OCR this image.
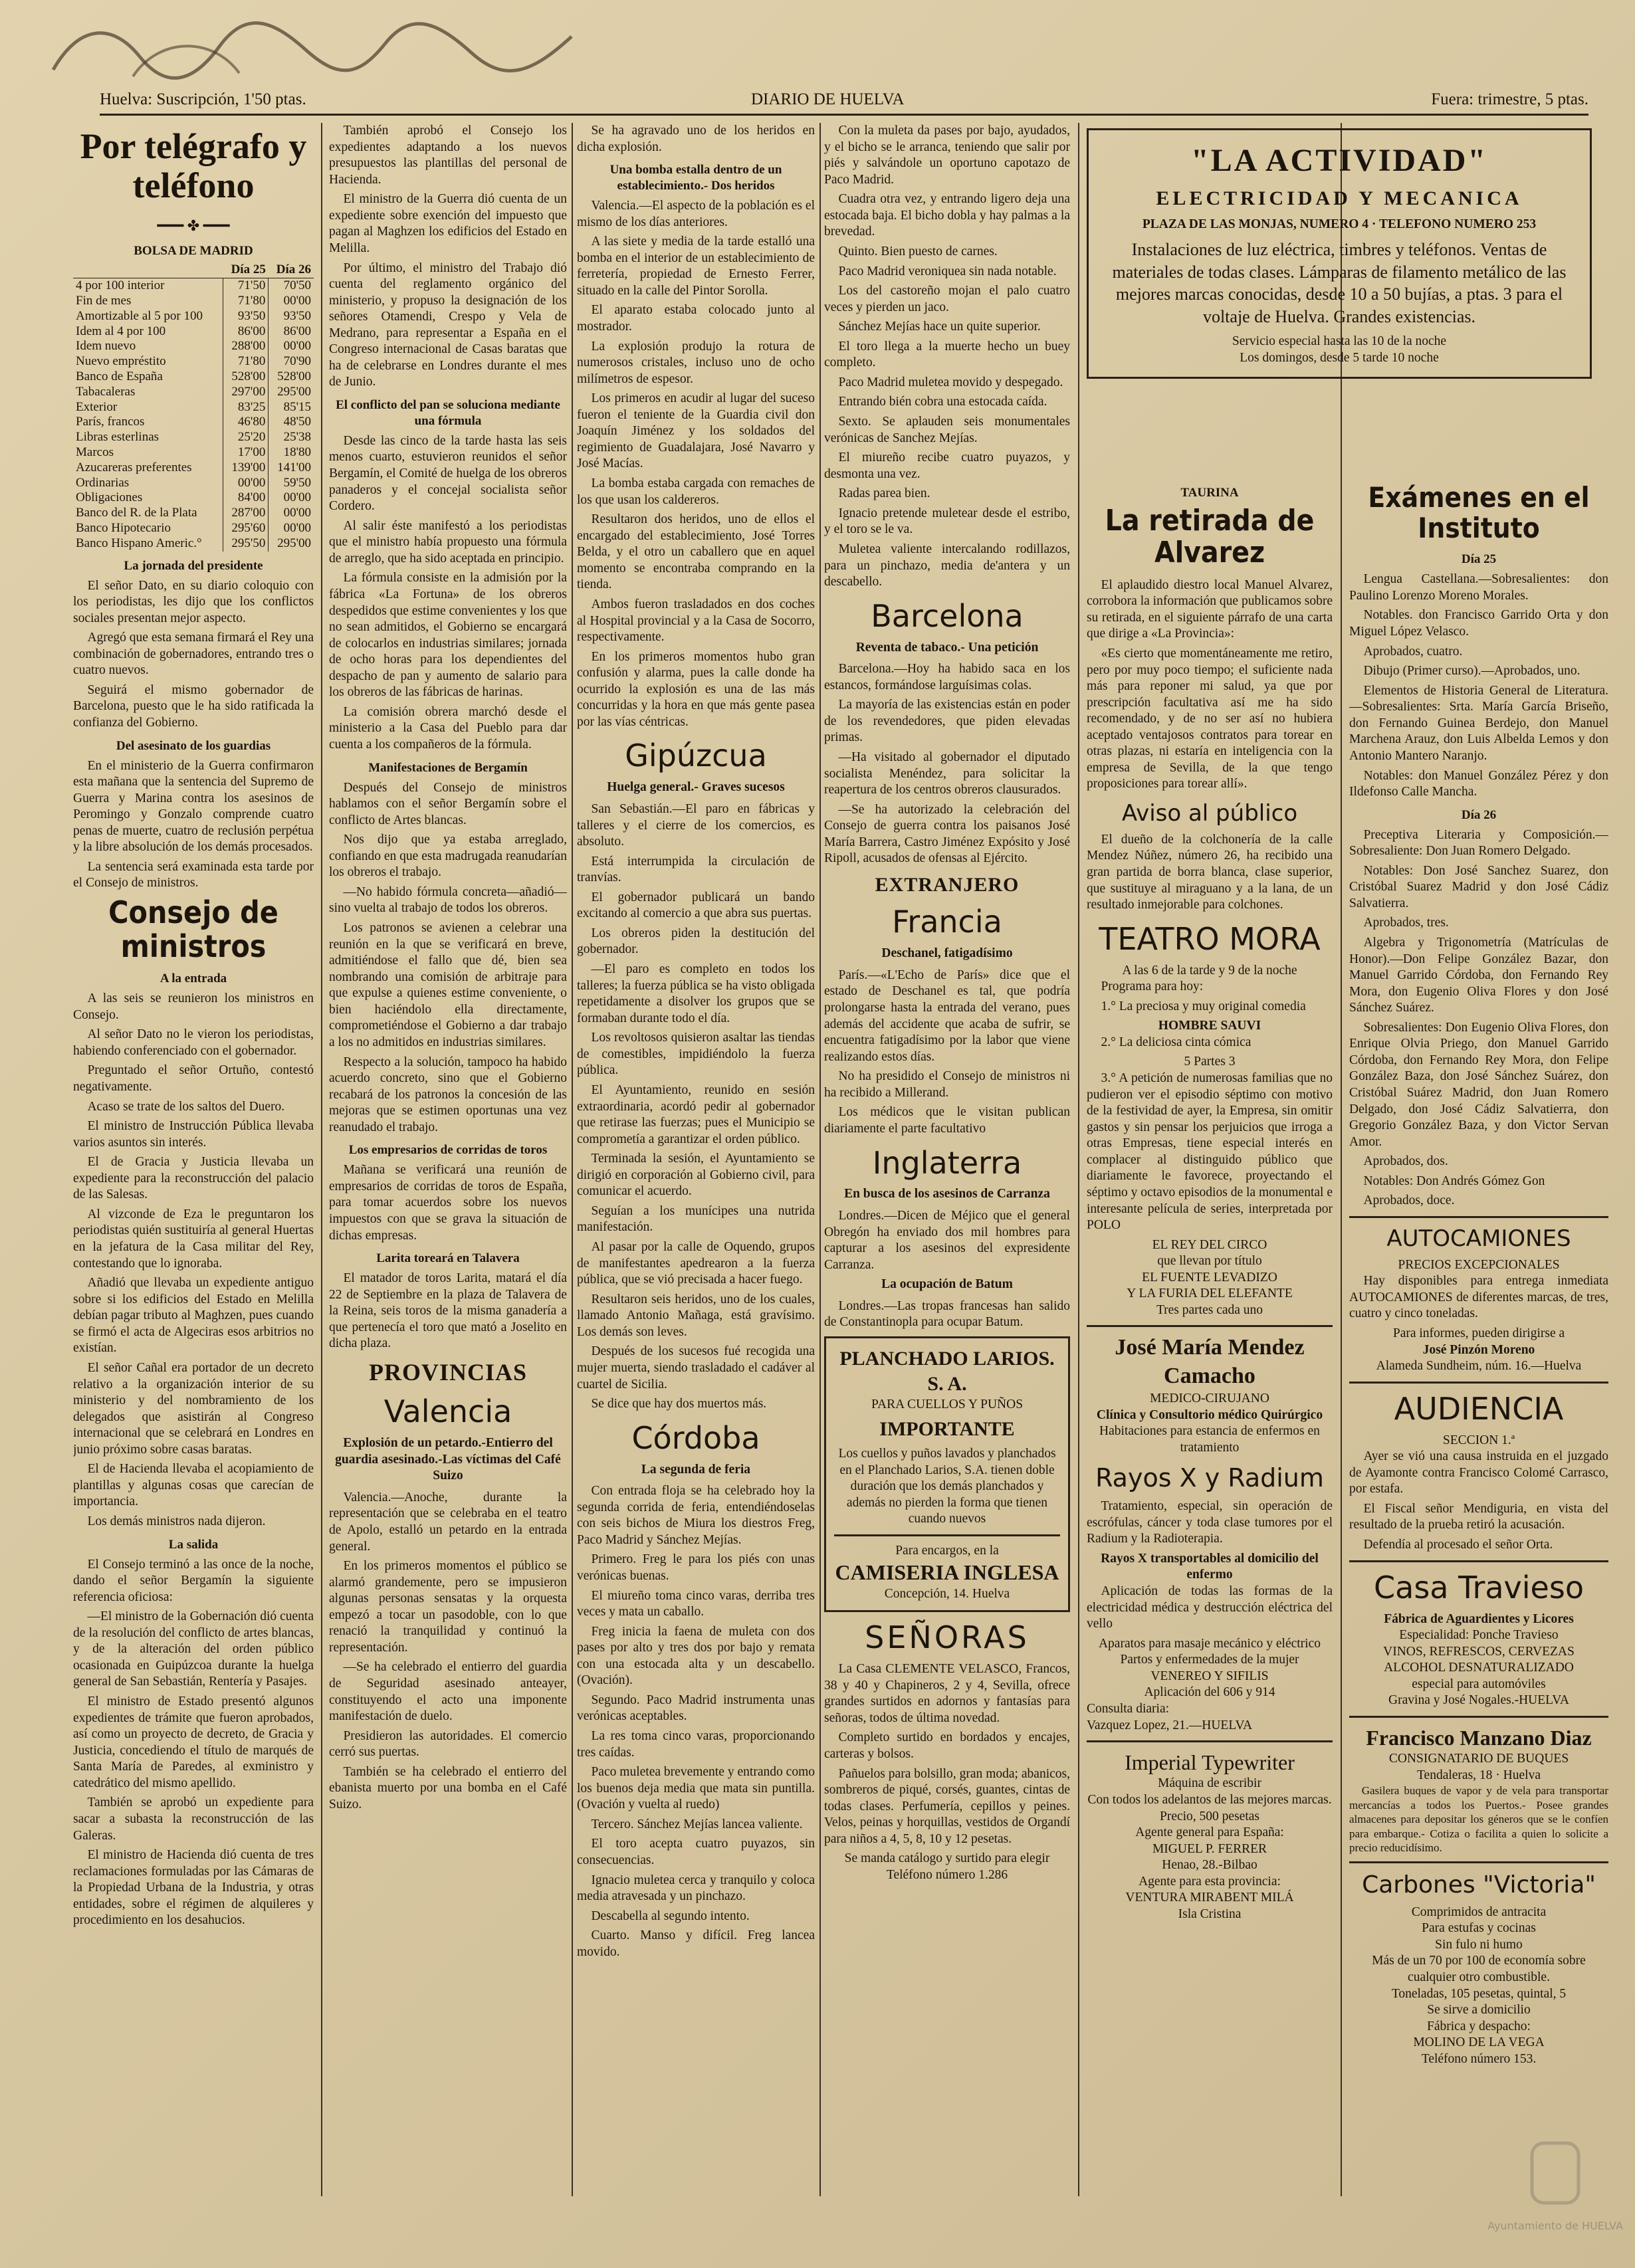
Huelva: Suscripción, 1'50 ptas.	DIARIO DE HUELVA	Fuera: trimestre, 5 ptas.
Por telégrafo y teléfono
━━━ ✤ ━━━
BOLSA DE MADRID
	Día 25	Día 26
4 por 100 interior	71'50	70'50
Fin de mes	71'80	00'00
Amortizable al 5 por 100	93'50	93'50
Idem al 4 por 100	86'00	86'00
Idem nuevo	288'00	00'00
Nuevo empréstito	71'80	70'90
Banco de España	528'00	528'00
Tabacaleras	297'00	295'00
Exterior	83'25	85'15
París, francos	46'80	48'50
Libras esterlinas	25'20	25'38
Marcos	17'00	18'80
Azucareras preferentes	139'00	141'00
Ordinarias	00'00	59'50
Obligaciones	84'00	00'00
Banco del R. de la Plata	287'00	00'00
Banco Hipotecario	295'60	00'00
Banco Hispano Americ.°	295'50	295'00
La jornada del presidente

El señor Dato, en su diario coloquio con los periodistas, les dijo que los conflictos sociales presentan mejor aspecto.

Agregó que esta semana firmará el Rey una combinación de gobernadores, entrando tres o cuatro nuevos.

Seguirá el mismo gobernador de Barcelona, puesto que le ha sido ratificada la confianza del Gobierno.

Del asesinato de los guardias

En el ministerio de la Guerra confirmaron esta mañana que la sentencia del Supremo de Guerra y Marina contra los asesinos de Peromingo y Gonzalo comprende cuatro penas de muerte, cuatro de reclusión perpétua y la libre absolución de los demás procesados.

La sentencia será examinada esta tarde por el Consejo de ministros.

Consejo de ministros
A la entrada

A las seis se reunieron los ministros en Consejo.

Al señor Dato no le vieron los periodistas, habiendo conferenciado con el gobernador.

Preguntado el señor Ortuño, contestó negativamente.

Acaso se trate de los saltos del Duero.

El ministro de Instrucción Pública llevaba varios asuntos sin interés.

El de Gracia y Justicia llevaba un expediente para la reconstrucción del palacio de las Salesas.

Al vizconde de Eza le preguntaron los periodistas quién sustituiría al general Huertas en la jefatura de la Casa militar del Rey, contestando que lo ignoraba.

Añadió que llevaba un expediente antiguo sobre si los edificios del Estado en Melilla debían pagar tributo al Maghzen, pues cuando se firmó el acta de Algeciras esos arbitrios no existían.

El señor Cañal era portador de un decreto relativo a la organización interior de su ministerio y del nombramiento de los delegados que asistirán al Congreso internacional que se celebrará en Londres en junio próximo sobre casas baratas.

El de Hacienda llevaba el acopiamiento de plantillas y algunas cosas que carecían de importancia.

Los demás ministros nada dijeron.

La salida

El Consejo terminó a las once de la noche, dando el señor Bergamín la siguiente referencia oficiosa:

—El ministro de la Gobernación dió cuenta de la resolución del conflicto de artes blancas, y de la alteración del orden público ocasionada en Guipúzcoa durante la huelga general de San Sebastián, Rentería y Pasajes.

El ministro de Estado presentó algunos expedientes de trámite que fueron aprobados, así como un proyecto de decreto, de Gracia y Justicia, concediendo el título de marqués de Santa María de Paredes, al exministro y catedrático del mismo apellido.

También se aprobó un expediente para sacar a subasta la reconstrucción de las Galeras.

El ministro de Hacienda dió cuenta de tres reclamaciones formuladas por las Cámaras de la Propiedad Urbana de la Industria, y otras entidades, sobre el régimen de alquileres y procedimiento en los desahucios.

También aprobó el Consejo los expedientes adaptando a los nuevos presupuestos las plantillas del personal de Hacienda.

El ministro de la Guerra dió cuenta de un expediente sobre exención del impuesto que pagan al Maghzen los edificios del Estado en Melilla.

Por último, el ministro del Trabajo dió cuenta del reglamento orgánico del ministerio, y propuso la designación de los señores Otamendi, Crespo y Vela de Medrano, para representar a España en el Congreso internacional de Casas baratas que ha de celebrarse en Londres durante el mes de Junio.

El conflicto del pan se soluciona mediante una fórmula

Desde las cinco de la tarde hasta las seis menos cuarto, estuvieron reunidos el señor Bergamín, el Comité de huelga de los obreros panaderos y el concejal socialista señor Cordero.

Al salir éste manifestó a los periodistas que el ministro había propuesto una fórmula de arreglo, que ha sido aceptada en principio.

La fórmula consiste en la admisión por la fábrica «La Fortuna» de los obreros despedidos que estime convenientes y los que no sean admitidos, el Gobierno se encargará de colocarlos en industrias similares; jornada de ocho horas para los dependientes del despacho de pan y aumento de salario para los obreros de las fábricas de harinas.

La comisión obrera marchó desde el ministerio a la Casa del Pueblo para dar cuenta a los compañeros de la fórmula.

Manifestaciones de Bergamín

Después del Consejo de ministros hablamos con el señor Bergamín sobre el conflicto de Artes blancas.

Nos dijo que ya estaba arreglado, confiando en que esta madrugada reanudarían los obreros el trabajo.

—No habido fórmula concreta—añadió—sino vuelta al trabajo de todos los obreros.

Los patronos se avienen a celebrar una reunión en la que se verificará en breve, admitiéndose el fallo que dé, bien sea nombrando una comisión de arbitraje para que expulse a quienes estime conveniente, o bien haciéndolo ella directamente, comprometiéndose el Gobierno a dar trabajo a los no admitidos en industrias similares.

Respecto a la solución, tampoco ha habido acuerdo concreto, sino que el Gobierno recabará de los patronos la concesión de las mejoras que se estimen oportunas una vez reanudado el trabajo.

Los empresarios de corridas de toros

Mañana se verificará una reunión de empresarios de corridas de toros de España, para tomar acuerdos sobre los nuevos impuestos con que se grava la situación de dichas empresas.

Larita toreará en Talavera

El matador de toros Larita, matará el día 22 de Septiembre en la plaza de Talavera de la Reina, seis toros de la misma ganadería a que pertenecía el toro que mató a Joselito en dicha plaza.

PROVINCIAS
Valencia
Explosión de un petardo.-Entierro del guardia asesinado.-Las víctimas del Café Suizo

Valencia.—Anoche, durante la representación que se celebraba en el teatro de Apolo, estalló un petardo en la entrada general.

En los primeros momentos el público se alarmó grandemente, pero se impusieron algunas personas sensatas y la orquesta empezó a tocar un pasodoble, con lo que renació la tranquilidad y continuó la representación.

—Se ha celebrado el entierro del guardia de Seguridad asesinado anteayer, constituyendo el acto una imponente manifestación de duelo.

Presidieron las autoridades. El comercio cerró sus puertas.

También se ha celebrado el entierro del ebanista muerto por una bomba en el Café Suizo.

Se ha agravado uno de los heridos en dicha explosión.

Una bomba estalla dentro de un establecimiento.- Dos heridos

Valencia.—El aspecto de la población es el mismo de los días anteriores.

A las siete y media de la tarde estalló una bomba en el interior de un establecimiento de ferretería, propiedad de Ernesto Ferrer, situado en la calle del Pintor Sorolla.

El aparato estaba colocado junto al mostrador.

La explosión produjo la rotura de numerosos cristales, incluso uno de ocho milímetros de espesor.

Los primeros en acudir al lugar del suceso fueron el teniente de la Guardia civil don Joaquín Jiménez y los soldados del regimiento de Guadalajara, José Navarro y José Macías.

La bomba estaba cargada con remaches de los que usan los caldereros.

Resultaron dos heridos, uno de ellos el encargado del establecimiento, José Torres Belda, y el otro un caballero que en aquel momento se encontraba comprando en la tienda.

Ambos fueron trasladados en dos coches al Hospital provincial y a la Casa de Socorro, respectivamente.

En los primeros momentos hubo gran confusión y alarma, pues la calle donde ha ocurrido la explosión es una de las más concurridas y la hora en que más gente pasea por las vías céntricas.

Gipúzcua
Huelga general.- Graves sucesos

San Sebastián.—El paro en fábricas y talleres y el cierre de los comercios, es absoluto.

Está interrumpida la circulación de tranvías.

El gobernador publicará un bando excitando al comercio a que abra sus puertas.

Los obreros piden la destitución del gobernador.

—El paro es completo en todos los talleres; la fuerza pública se ha visto obligada repetidamente a disolver los grupos que se formaban durante todo el día.

Los revoltosos quisieron asaltar las tiendas de comestibles, impidiéndolo la fuerza pública.

El Ayuntamiento, reunido en sesión extraordinaria, acordó pedir al gobernador que retirase las fuerzas; pues el Municipio se comprometía a garantizar el orden público.

Terminada la sesión, el Ayuntamiento se dirigió en corporación al Gobierno civil, para comunicar el acuerdo.

Seguían a los munícipes una nutrida manifestación.

Al pasar por la calle de Oquendo, grupos de manifestantes apedrearon a la fuerza pública, que se vió precisada a hacer fuego.

Resultaron seis heridos, uno de los cuales, llamado Antonio Mañaga, está gravísimo. Los demás son leves.

Después de los sucesos fué recogida una mujer muerta, siendo trasladado el cadáver al cuartel de Sicilia.

Se dice que hay dos muertos más.

Córdoba
La segunda de feria

Con entrada floja se ha celebrado hoy la segunda corrida de feria, entendiéndoselas con seis bichos de Miura los diestros Freg, Paco Madrid y Sánchez Mejías.

Primero. Freg le para los piés con unas verónicas buenas.

El miureño toma cinco varas, derriba tres veces y mata un caballo.

Freg inicia la faena de muleta con dos pases por alto y tres dos por bajo y remata con una estocada alta y un descabello. (Ovación).

Segundo. Paco Madrid instrumenta unas verónicas aceptables.

La res toma cinco varas, proporcionando tres caídas.

Paco muletea brevemente y entrando como los buenos deja media que mata sin puntilla. (Ovación y vuelta al ruedo)

Tercero. Sánchez Mejías lancea valiente.

El toro acepta cuatro puyazos, sin consecuencias.

Ignacio muletea cerca y tranquilo y coloca media atravesada y un pinchazo.

Descabella al segundo intento.

Cuarto. Manso y difícil. Freg lancea movido.

Con la muleta da pases por bajo, ayudados, y el bicho se le arranca, teniendo que salir por piés y salvándole un oportuno capotazo de Paco Madrid.

Cuadra otra vez, y entrando ligero deja una estocada baja. El bicho dobla y hay palmas a la brevedad.

Quinto. Bien puesto de carnes.

Paco Madrid veroniquea sin nada notable.

Los del castoreño mojan el palo cuatro veces y pierden un jaco.

Sánchez Mejías hace un quite superior.

El toro llega a la muerte hecho un buey completo.

Paco Madrid muletea movido y despegado.

Entrando bién cobra una estocada caída.

Sexto. Se aplauden seis monumentales verónicas de Sanchez Mejías.

El miureño recibe cuatro puyazos, y desmonta una vez.

Radas parea bien.

Ignacio pretende muletear desde el estribo, y el toro se le va.

Muletea valiente intercalando rodillazos, para un pinchazo, media de'antera y un descabello.

Barcelona
Reventa de tabaco.- Una petición

Barcelona.—Hoy ha habido saca en los estancos, formándose larguísimas colas.

La mayoría de las existencias están en poder de los revendedores, que piden elevadas primas.

—Ha visitado al gobernador el diputado socialista Menéndez, para solicitar la reapertura de los centros obreros clausurados.

—Se ha autorizado la celebración del Consejo de guerra contra los paisanos José María Barrera, Castro Jiménez Expósito y José Ripoll, acusados de ofensas al Ejército.

EXTRANJERO
Francia
Deschanel, fatigadísimo

París.—«L'Echo de París» dice que el estado de Deschanel es tal, que podría prolongarse hasta la entrada del verano, pues además del accidente que acaba de sufrir, se encuentra fatigadísimo por la labor que viene realizando estos días.

No ha presidido el Consejo de ministros ni ha recibido a Millerand.

Los médicos que le visitan publican diariamente el parte facultativo

Inglaterra
En busca de los asesinos de Carranza

Londres.—Dicen de Méjico que el general Obregón ha enviado dos mil hombres para capturar a los asesinos del expresidente Carranza.

La ocupación de Batum

Londres.—Las tropas francesas han salido de Constantinopla para ocupar Batum.

PLANCHADO LARIOS. S. A.
PARA CUELLOS Y PUÑOS
IMPORTANTE
Los cuellos y puños lavados y planchados en el Planchado Larios, S.A. tienen doble duración que los demás planchados y además no pierden la forma que tienen cuando nuevos
Para encargos, en la
CAMISERIA INGLESA
Concepción, 14. Huelva
SEÑORAS

La Casa CLEMENTE VELASCO, Francos, 38 y 40 y Chapineros, 2 y 4, Sevilla, ofrece grandes surtidos en adornos y fantasías para señoras, todos de última novedad.

Completo surtido en bordados y encajes, carteras y bolsos.

Pañuelos para bolsillo, gran moda; abanicos, sombreros de piqué, corsés, guantes, cintas de todas clases. Perfumería, cepillos y peines. Velos, peinas y horquillas, vestidos de Organdí para niños a 4, 5, 8, 10 y 12 pesetas.

Se manda catálogo y surtido para elegir
Teléfono número 1.286
"LA ACTIVIDAD"
ELECTRICIDAD Y MECANICA
PLAZA DE LAS MONJAS, NUMERO 4 · TELEFONO NUMERO 253
Instalaciones de luz eléctrica, timbres y teléfonos. Ventas de materiales de todas clases. Lámparas de filamento metálico de las mejores marcas conocidas, desde 10 a 50 bujías, a ptas. 3 para el voltaje de Huelva. Grandes existencias.
Servicio especial hasta las 10 de la noche
Los domingos, desde 5 tarde 10 noche
TAURINA
La retirada de Alvarez

El aplaudido diestro local Manuel Alvarez, corrobora la información que publicamos sobre su retirada, en el siguiente párrafo de una carta que dirige a «La Provincia»:

«Es cierto que momentáneamente me retiro, pero por muy poco tiempo; el suficiente nada más para reponer mi salud, ya que por prescripción facultativa así me ha sido recomendado, y de no ser así no hubiera aceptado ventajosos contratos para torear en otras plazas, ni estaría en inteligencia con la empresa de Sevilla, de la que tengo proposiciones para torear allí».

Aviso al público

El dueño de la colchonería de la calle Mendez Núñez, número 26, ha recibido una gran partida de borra blanca, clase superior, que sustituye al miraguano y a la lana, de un resultado inmejorable para colchones.

TEATRO MORA
A las 6 de la tarde y 9 de la noche

Programa para hoy:

1.° La preciosa y muy original comedia

HOMBRE SAUVI

2.° La deliciosa cinta cómica

5 Partes 3

3.° A petición de numerosas familias que no pudieron ver el episodio séptimo con motivo de la festividad de ayer, la Empresa, sin omitir gastos y sin pensar los perjuicios que irroga a otras Empresas, tiene especial interés en complacer al distinguido público que diariamente le favorece, proyectando el séptimo y octavo episodios de la monumental e interesante película de series, interpretada por POLO

EL REY DEL CIRCO
que llevan por título
EL FUENTE LEVADIZO
Y LA FURIA DEL ELEFANTE
Tres partes cada uno
José María Mendez Camacho
MEDICO-CIRUJANO
Clínica y Consultorio médico Quirúrgico
Habitaciones para estancia de enfermos en tratamiento
Rayos X y Radium

Tratamiento, especial, sin operación de escrófulas, cáncer y toda clase tumores por el Radium y la Radioterapia.

Rayos X transportables al domicilio del enfermo

Aplicación de todas las formas de la electricidad médica y destrucción eléctrica del vello

Aparatos para masaje mecánico y eléctrico
Partos y enfermedades de la mujer
VENEREO Y SIFILIS
Aplicación del 606 y 914
Consulta diaria:
Vazquez Lopez, 21.—HUELVA
Imperial Typewriter
Máquina de escribir
Con todos los adelantos de las mejores marcas.
Precio, 500 pesetas
Agente general para España:
MIGUEL P. FERRER
Henao, 28.-Bilbao
Agente para esta provincia:
VENTURA MIRABENT MILÁ
Isla Cristina
Exámenes en el Instituto
Día 25

Lengua Castellana.—Sobresalientes: don Paulino Lorenzo Moreno Morales.

Notables. don Francisco Garrido Orta y don Miguel López Velasco.

Aprobados, cuatro.

Dibujo (Primer curso).—Aprobados, uno.

Elementos de Historia General de Literatura.—Sobresalientes: Srta. María García Briseño, don Fernando Guinea Berdejo, don Manuel Marchena Arauz, don Luis Albelda Lemos y don Antonio Mantero Naranjo.

Notables: don Manuel González Pérez y don Ildefonso Calle Mancha.

Día 26

Preceptiva Literaria y Composición.—Sobresaliente: Don Juan Romero Delgado.

Notables: Don José Sanchez Suarez, don Cristóbal Suarez Madrid y don José Cádiz Salvatierra.

Aprobados, tres.

Algebra y Trigonometría (Matrículas de Honor).—Don Felipe González Bazar, don Manuel Garrido Córdoba, don Fernando Rey Mora, don Eugenio Oliva Flores y don José Sánchez Suárez.

Sobresalientes: Don Eugenio Oliva Flores, don Enrique Olvia Priego, don Manuel Garrido Córdoba, don Fernando Rey Mora, don Felipe González Baza, don José Sánchez Suárez, don Cristóbal Suárez Madrid, don Juan Romero Delgado, don José Cádiz Salvatierra, don Gregorio González Baza, y don Victor Servan Amor.

Aprobados, dos.

Notables: Don Andrés Gómez Gon

Aprobados, doce.

AUTOCAMIONES
PRECIOS EXCEPCIONALES

Hay disponibles para entrega inmediata AUTOCAMIONES de diferentes marcas, de tres, cuatro y cinco toneladas.

Para informes, pueden dirigirse a
José Pinzón Moreno
Alameda Sundheim, núm. 16.—Huelva
AUDIENCIA
SECCION 1.ª

Ayer se vió una causa instruida en el juzgado de Ayamonte contra Francisco Colomé Carrasco, por estafa.

El Fiscal señor Mendiguria, en vista del resultado de la prueba retiró la acusación.

Defendía al procesado el señor Orta.

Casa Travieso
Fábrica de Aguardientes y Licores
Especialidad: Ponche Travieso
VINOS, REFRESCOS, CERVEZAS
ALCOHOL DESNATURALIZADO
especial para automóviles
Gravina y José Nogales.-HUELVA
Francisco Manzano Diaz
CONSIGNATARIO DE BUQUES
Tendaleras, 18 · Huelva

Gasilera buques de vapor y de vela para transportar mercancías a todos los Puertos.- Posee grandes almacenes para depositar los géneros que se le confíen para embarque.- Cotiza o facilita a quien lo solicite a precio reducidísimo.

Carbones "Victoria"
Comprimidos de antracita
Para estufas y cocinas
Sin fulo ni humo
Más de un 70 por 100 de economía sobre cualquier otro combustible.
Toneladas, 105 pesetas, quintal, 5
Se sirve a domicilio
Fábrica y despacho:
MOLINO DE LA VEGA
Teléfono número 153.
Ayuntamiento de HUELVA
